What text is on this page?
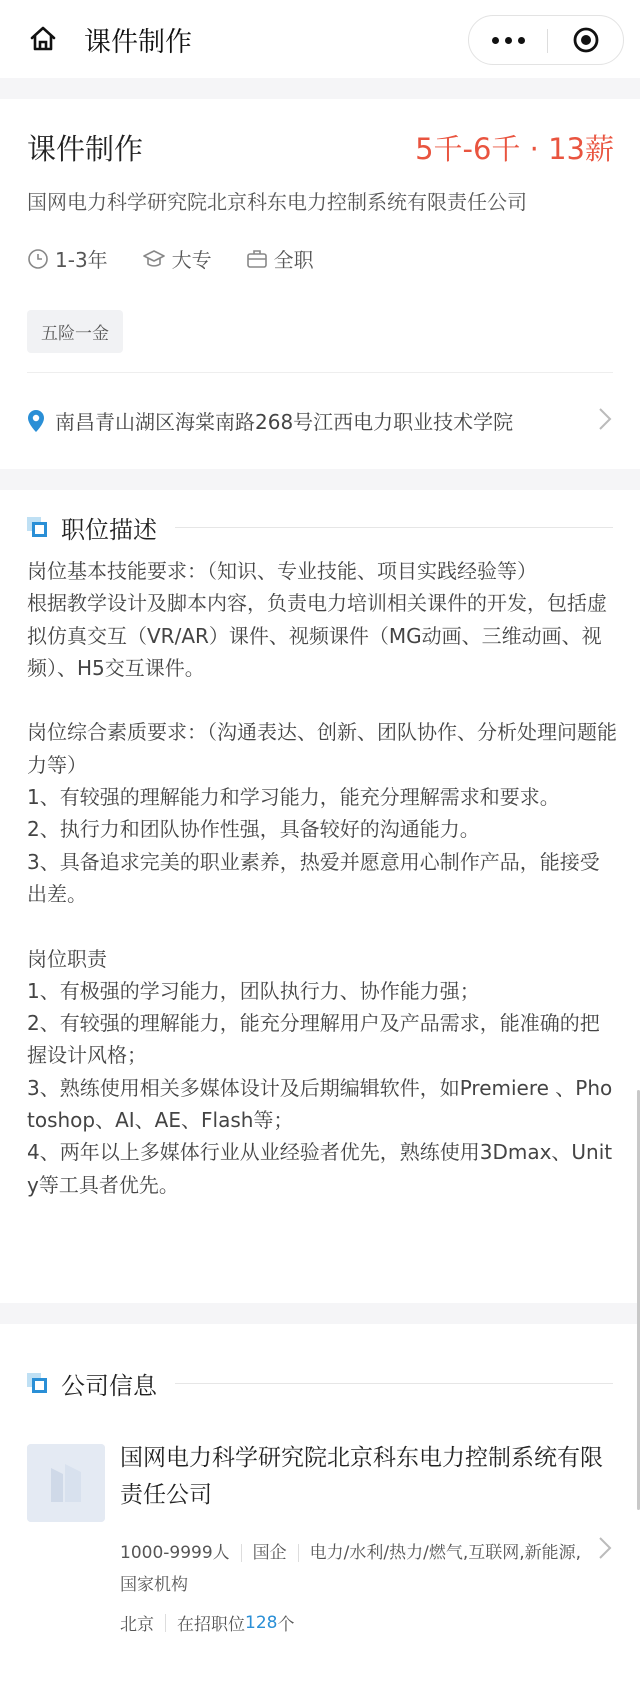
课件制作
课件制作	5千-6千 · 13薪
国网电力科学研究院北京科东电力控制系统有限责任公司
1-3年	大专	全职
五险一金
南昌青山湖区海棠南路268号江西电力职业技术学院
职位描述

岗位基本技能要求：（知识、专业技能、项目实践经验等）

根据教学设计及脚本内容，负责电力培训相关课件的开发，包括虚拟仿真交互（VR/AR）课件、视频课件（MG动画、三维动画、视频）、H5交互课件。

岗位综合素质要求：（沟通表达、创新、团队协作、分析处理问题能力等）

1、有较强的理解能力和学习能力，能充分理解需求和要求。

2、执行力和团队协作性强，具备较好的沟通能力。

3、具备追求完美的职业素养，热爱并愿意用心制作产品，能接受出差。

岗位职责

1、有极强的学习能力，团队执行力、协作能力强；

2、有较强的理解能力，能充分理解用户及产品需求，能准确的把握设计风格；

3、熟练使用相关多媒体设计及后期编辑软件，如Premiere 、Photoshop、AI、AE、Flash等；

4、两年以上多媒体行业从业经验者优先，熟练使用3Dmax、Unity等工具者优先。

公司信息
国网电力科学研究院北京科东电力控制系统有限责任公司
1000-9999人 国企 电力/水利/热力/燃气,互联网,新能源,国家机构
北京 在招职位 128 个
